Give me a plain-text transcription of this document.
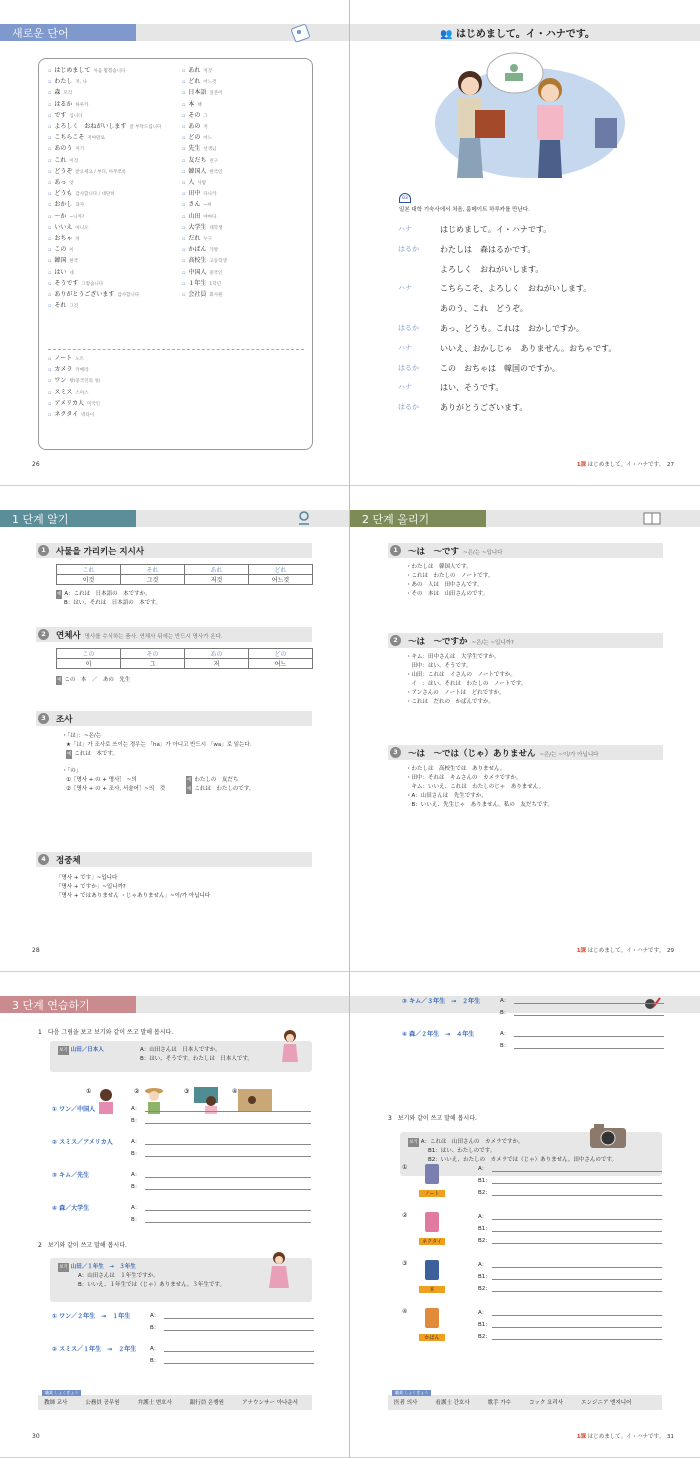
새로운 단어
▫ はじめまして 처음 뵙겠습니다
▫ わたし 저, 나
▫ 森 모리
▫ はるか 하루카
▫ です 입니다
▫ よろしく　おねがいします 잘 부탁드립니다
▫ こちらこそ 저야말로
▫ あのう 저기
▫ これ 이것
▫ どうぞ 받으세요 / 부디, 아무쪼록
▫ あっ 앗
▫ どうも 감사합니다 / 대단히
▫ おかし 과자
▫ ～か ~니까?
▫ いいえ 아니오
▫ おちゃ 차
▫ この 이
▫ 韓国 한국
▫ はい 네
▫ そうです 그렇습니다
▫ ありがとうございます 감사합니다
▫ それ 그것
▫ あれ 저것
▫ どれ 어느것
▫ 日本語 일본어
▫ 本 책
▫ その 그
▫ あの 저
▫ どの 어느
▫ 先生 선생님
▫ 友だち 친구
▫ 韓国人 한국인
▫ 人 사람
▫ 田中 다나카
▫ さん ~씨
▫ 山田 야마다
▫ 大学生 대학생
▫ だれ 누구
▫ かばん 가방
▫ 高校生 고등학생
▫ 中国人 중국인
▫ １年生 1학년
▫ 会社員 회사원
▫ ノート 노트
▫ カメラ 카메라
▫ ワン 왕(중국인의 성)
▫ スミス 스미스
▫ アメリカ人 미국인
▫ ネクタイ 넥타이
26
👥 はじめまして。イ・ハナです。
03
일본 대학 기숙사에서 처음, 룸메이트 하루카를 만난다.
ハナ	はじめまして。イ・ハナです。
はるか	わたしは　森はるかです。
よろしく　おねがいします。
ハナ	こちらこそ、よろしく　おねがいします。
あのう、これ　どうぞ。
はるか	あっ、どうも。これは　おかしですか。
ハナ	いいえ、おかしじゃ　ありません。おちゃです。
はるか	この　おちゃは　韓国のですか。
ハナ	はい、そうです。
はるか	ありがとうございます。
1課 はじめまして。イ・ハナです。　 27
1 단계 알기
1	사물을 가리키는 지시사
これ	それ	あれ	どれ
이것	그것	저것	어느것
예 A：これは　日本語の　本ですか。
B：はい、それは　日本語の　本です。
2	연체사 명사를 수식하는 품사. 연체사 뒤에는 반드시 명사가 온다.
この	その	あの	どの
이	그	저	어느
예 この　本　／　あの　先生
3	조사
・「は」：~은/는
★「は」가 조사로 쓰이는 경우는 「ha」가 아니고 반드시 「wa」로 읽는다.
예 これは　本です。
・「の」
①［명사 + の + 명사］ ~의	예 わたしの　友だち
②［명사 + の + 조사, 서술어］~의　것	예 これは　わたしのです。
4	정중체
「명사 + です」~입니다
「명사 + ですか」~입니까?
「명사 + ではありません ・じゃありません」~이/가 아닙니다
28
2 단계 올리기
1	～は　～です ~은/는 ~입니다
・わたしは　韓国人です。
・これは　わたしの　ノートです。
・あの　人は　田中さんです。
・その　本は　山田さんのです。
2	～は　～ですか ~은/는 ~입니까?
・キム：田中さんは　大学生ですか。
　田中：はい、そうです。
・山田：これは　イさんの　ノートですか。
　イ　：はい、それは　わたしの　ノートです。
・アンさんの　ノートは　どれですか。
・これは　だれの　かばんですか。
3	～は　～では（じゃ）ありません ~은/는 ~이/가 아닙니다
・わたしは　高校生では　ありません。
・田中：それは　キムさんの　カメラですか。
　キム：いいえ、これは　わたしのじゃ　ありません。
・A：山田さんは　先生ですか。
　B：いいえ、先生じゃ　ありません。私の　友だちです。
1課 はじめまして。イ・ハナです。　 29
3 단계 연습하기
1　다음 그림을 보고 보기와 같이 쓰고 말해 봅시다.
보기 山田／日本人	A：山田さんは　日本人ですか。
B：はい、そうです。わたしは　日本人です。
①	②	③	④
① ワン／中国人	A：
B：
② スミス／アメリカ人	A：
B：
③ キム／先生	A：
B：
④ 森／大学生	A：
B：
2　보기와 같이 쓰고 말해 봅시다.
보기 山田／１年生　→　３年生
A：山田さんは　１年生ですか。
B：いいえ、１年生では（じゃ）ありません。３年生です。
① ワン／２年生　→　１年生	A：
B：
② スミス／１年生　→　２年生	A：
B：
職業 しょくぎょう
教師 교사	公務員 공무원	弁護士 변호사	銀行員 은행원	アナウンサー 아나운서
30
③ キム／３年生　→　２年生	A：
B：
④ 森／２年生　→　４年生	A：
B：
3　보기와 같이 쓰고 말해 봅시다.
보기 A：これは　山田さんの　カメラですか。
B1：はい、わたしのです。
B2：いいえ、わたしの　カメラでは（じゃ）ありません。田中さんのです。
①
ノート
A：
B1：
B2：
②
ネクタイ
A：
B1：
B2：
③
本
A：
B1：
B2：
④
かばん
A：
B1：
B2：
職業 しょくぎょう
医者 의사	看護士 간호사	歌手 가수	コック 요리사	エンジニア 엔지니어
1課 はじめまして。イ・ハナです。　 31
